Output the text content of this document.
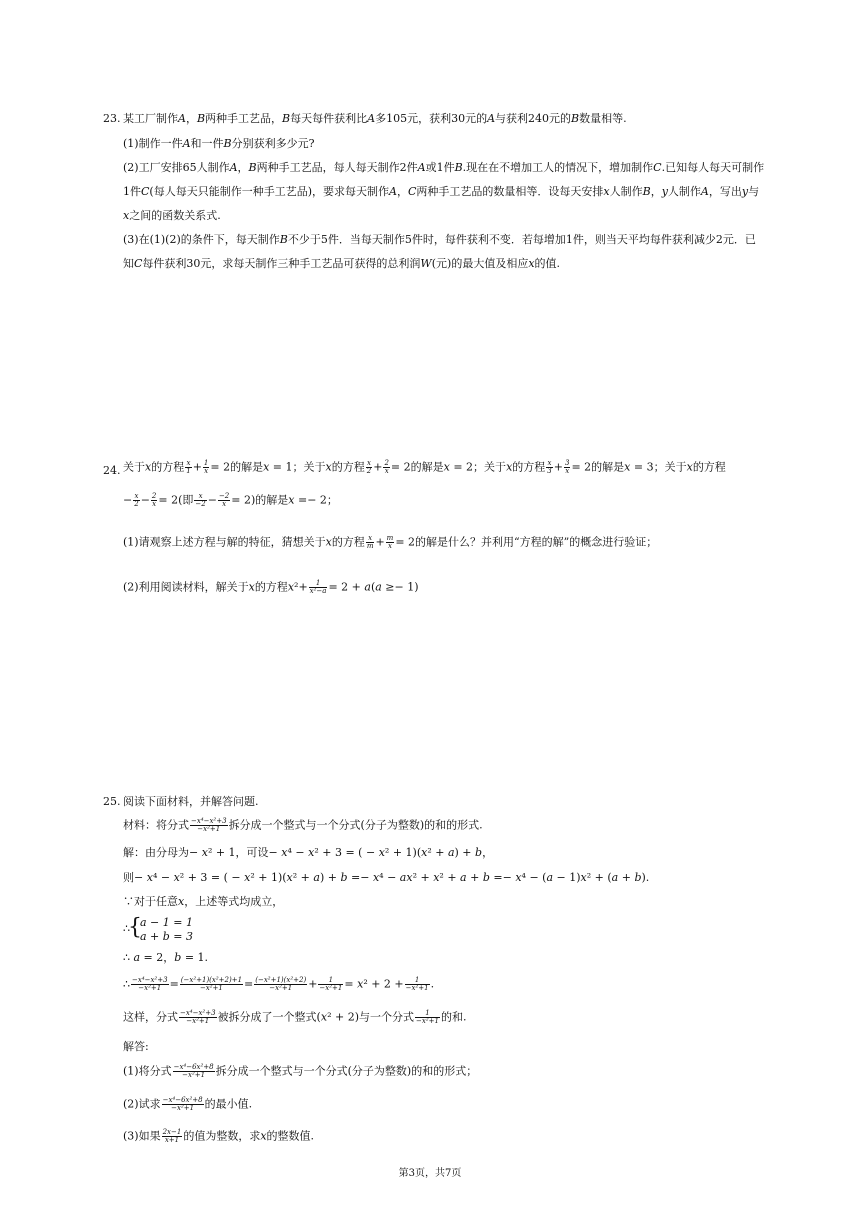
23. 某工厂制作A，B两种手工艺品，B每天每件获利比A多105元，获利30元的A与获利240元的B数量相等.
(1)制作一件A和一件B分别获利多少元?
(2)工厂安排65人制作A，B两种手工艺品，每人每天制作2件A或1件B.现在在不增加工人的情况下，增加制作C.已知每人每天可制作
1件C(每人每天只能制作一种手工艺品)，要求每天制作A，C两种手工艺品的数量相等．设每天安排x人制作B，y人制作A，写出y与
x之间的函数关系式.
(3)在(1)(2)的条件下，每天制作B不少于5件．当每天制作5件时，每件获利不变．若每增加1件，则当天平均每件获利减少2元．已
知C每件获利30元，求每天制作三种手工艺品可获得的总利润W(元)的最大值及相应x的值.
24. 关于x的方程 $\frac{x}{1} + \frac{1}{x} = 2$的解是x = 1；关于x的方程 $\frac{x}{2} + \frac{2}{x} = 2$的解是x = 2；关于x的方程 $\frac{x}{3} + \frac{3}{x} = 2$的解是x = 3；关于x的方程
− $\frac{x}{2} - \frac{2}{x} = 2$(即 $\frac{x}{-2} - \frac{-2}{x} = 2$)的解是x =− 2；
(1)请观察上述方程与解的特征，猜想关于x的方程 $\frac{x}{m} + \frac{m}{x} = 2$的解是什么？并利用“方程的解”的概念进行验证；
(2)利用阅读材料，解关于x的方程$x^2+ \frac{1}{\text{x²−a}} = 2 + a(a \ge- 1)$
25. 阅读下面材料，并解答问题.
材料：将分式 $\frac{\text{−x⁴−x²+3}}{\text{−x²+1}}$ 拆分成一个整式与一个分式(分子为整数)的和的形式.
解：由分母为− x² + 1，可设− x⁴ − x² + 3 = ( − x² + 1)(x² + a) + b，
则− x⁴ − x² + 3 = ( − x² + 1)(x² + a) + b =− x⁴ − ax² + x² + a + b =− x⁴ − (a − 1)x² + (a + b).
∵对于任意x，上述等式均成立，
∴
{
a − 1 = 1
a + b = 3
∴ a = 2，b = 1.
∴ $\frac{\text{−x⁴−x²+3}}{\text{−x²+1}} = \frac{\text{(−x²+1)(x²+2)+1}}{\text{−x²+1}} = \frac{\text{(−x²+1)(x²+2)}}{\text{−x²+1}} + \frac{1}{\text{−x²+1}} = x^2 + 2 + \frac{1}{\text{−x²+1}}$ .
这样，分式 $\frac{\text{−x⁴−x²+3}}{\text{−x²+1}}$ 被拆分成了一个整式(x² + 2)与一个分式 $\frac{1}{\text{−x²+1}}$ 的和.
解答:
(1)将分式 $\frac{\text{−x⁴−6x²+8}}{\text{−x²+1}}$ 拆分成一个整式与一个分式(分子为整数)的和的形式；
(2)试求 $\frac{\text{−x⁴−6x²+8}}{\text{−x²+1}}$ 的最小值.
(3)如果 $\frac{2x-1}{x+1}$ 的值为整数，求x的整数值.
第3页，共7页
